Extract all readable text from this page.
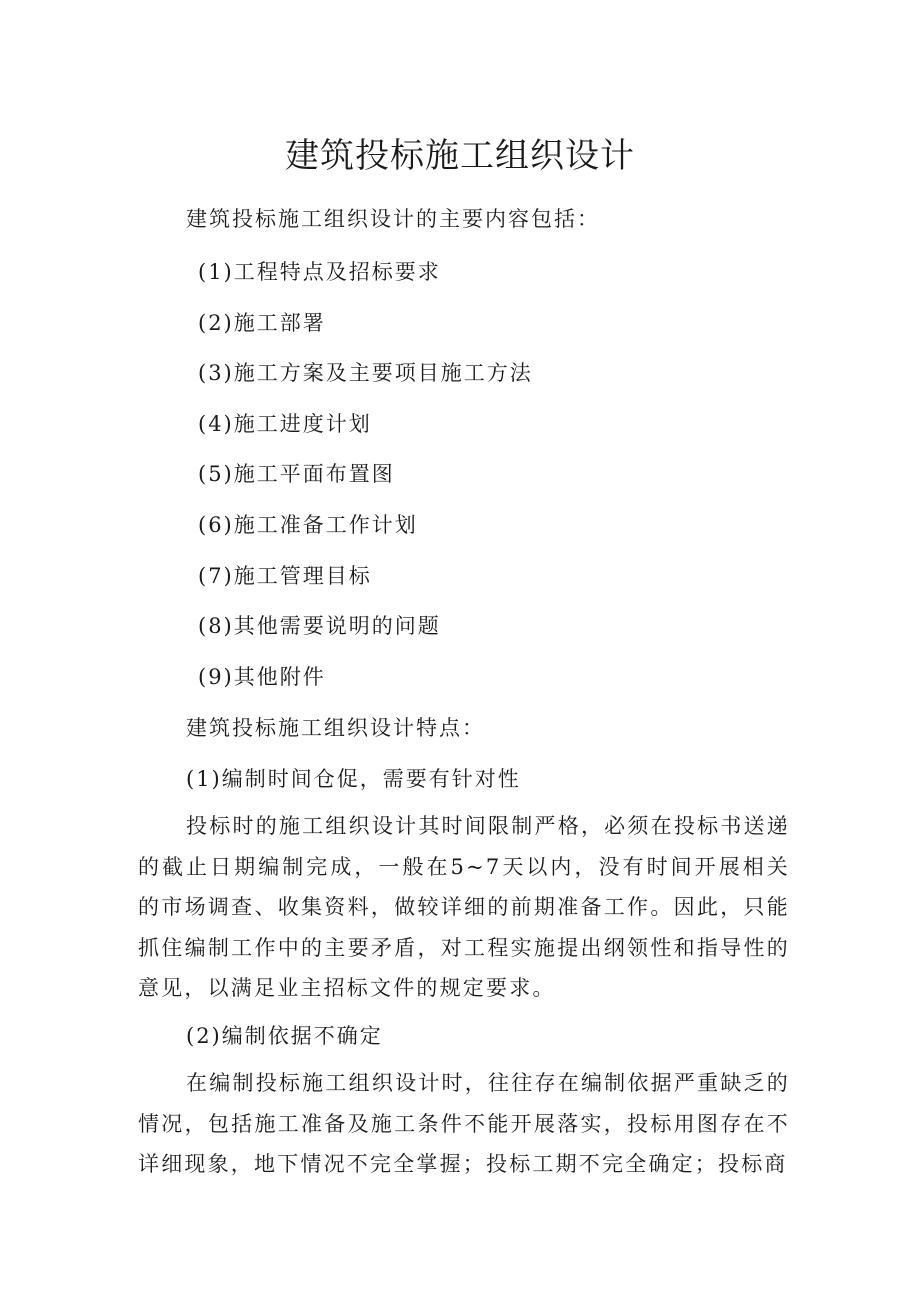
建筑投标施工组织设计
建筑投标施工组织设计的主要内容包括：
(1)工程特点及招标要求
(2)施工部署
(3)施工方案及主要项目施工方法
(4)施工进度计划
(5)施工平面布置图
(6)施工准备工作计划
(7)施工管理目标
(8)其他需要说明的问题
(9)其他附件
建筑投标施工组织设计特点：
(1)编制时间仓促，需要有针对性
投标时的施工组织设计其时间限制严格，必须在投标书送递的截止日期编制完成，一般在5~7天以内，没有时间开展相关的市场调查、收集资料，做较详细的前期准备工作。因此，只能抓住编制工作中的主要矛盾，对工程实施提出纲领性和指导性的意见，以满足业主招标文件的规定要求。
(2)编制依据不确定
在编制投标施工组织设计时，往往存在编制依据严重缺乏的情况，包括施工准备及施工条件不能开展落实，投标用图存在不详细现象，地下情况不完全掌握；投标工期不完全确定；投标商
